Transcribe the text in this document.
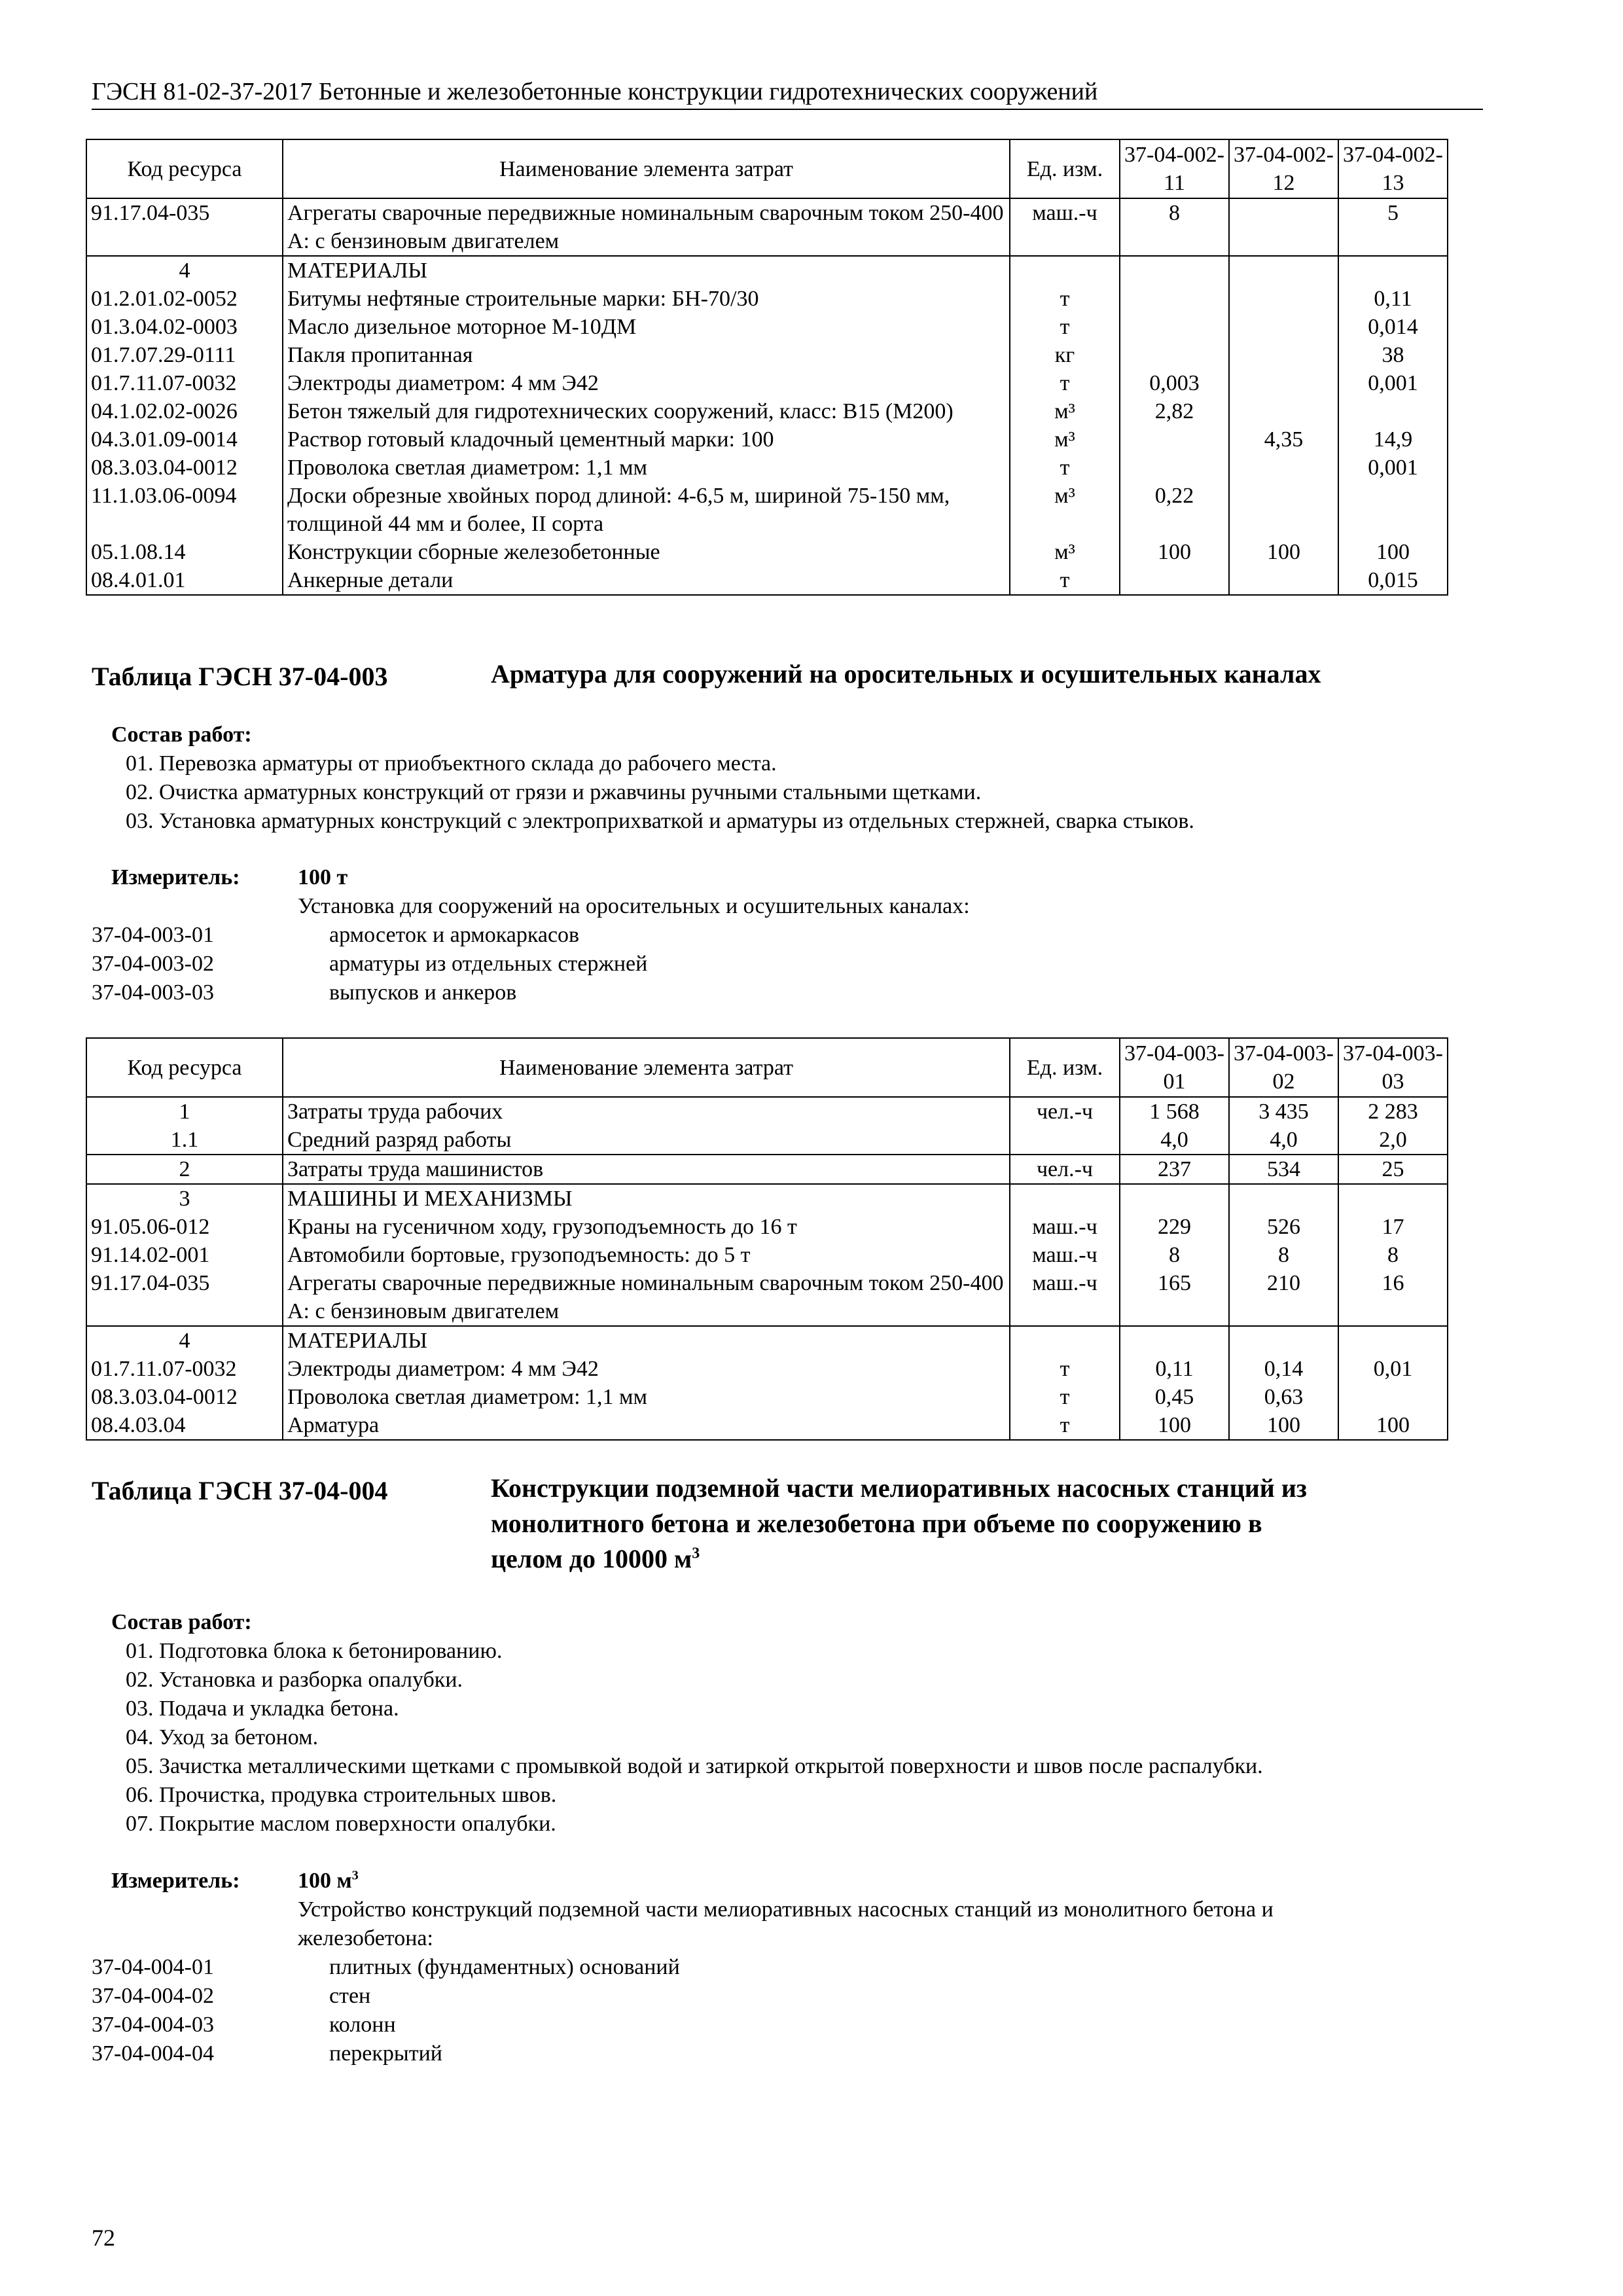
ГЭСН 81-02-37-2017 Бетонные и железобетонные конструкции гидротехнических сооружений
Код ресурса	Наименование элемента затрат	Ед. изм.	37-04-002-11	37-04-002-12	37-04-002-13
91.17.04-035	Агрегаты сварочные передвижные номинальным сварочным током 250-400 А: с бензиновым двигателем	маш.-ч	8		5
4	МАТЕРИАЛЫ				
01.2.01.02-0052	Битумы нефтяные строительные марки: БН-70/30	т			0,11
01.3.04.02-0003	Масло дизельное моторное М-10ДМ	т			0,014
01.7.07.29-0111	Пакля пропитанная	кг			38
01.7.11.07-0032	Электроды диаметром: 4 мм Э42	т	0,003		0,001
04.1.02.02-0026	Бетон тяжелый для гидротехнических сооружений, класс: В15 (М200)	м³	2,82		
04.3.01.09-0014	Раствор готовый кладочный цементный марки: 100	м³		4,35	14,9
08.3.03.04-0012	Проволока светлая диаметром: 1,1 мм	т			0,001
11.1.03.06-0094	Доски обрезные хвойных пород длиной: 4-6,5 м, шириной 75-150 мм, толщиной 44 мм и более, II сорта	м³	0,22		
05.1.08.14	Конструкции сборные железобетонные	м³	100	100	100
08.4.01.01	Анкерные детали	т			0,015
Таблица ГЭСН 37-04-003	Арматура для сооружений на оросительных и осушительных каналах
Состав работ:
01. Перевозка арматуры от приобъектного склада до рабочего места.
02. Очистка арматурных конструкций от грязи и ржавчины ручными стальными щетками.
03. Установка арматурных конструкций с электроприхваткой и арматуры из отдельных стержней, сварка стыков.
Измеритель:	100 т
Установка для сооружений на оросительных и осушительных каналах:
37-04-003-01	армосеток и армокаркасов
37-04-003-02	арматуры из отдельных стержней
37-04-003-03	выпусков и анкеров
Код ресурса	Наименование элемента затрат	Ед. изм.	37-04-003-01	37-04-003-02	37-04-003-03
1	Затраты труда рабочих	чел.-ч	1 568	3 435	2 283
1.1	Средний разряд работы		4,0	4,0	2,0
2	Затраты труда машинистов	чел.-ч	237	534	25
3	МАШИНЫ И МЕХАНИЗМЫ				
91.05.06-012	Краны на гусеничном ходу, грузоподъемность до 16 т	маш.-ч	229	526	17
91.14.02-001	Автомобили бортовые, грузоподъемность: до 5 т	маш.-ч	8	8	8
91.17.04-035	Агрегаты сварочные передвижные номинальным сварочным током 250-400 А: с бензиновым двигателем	маш.-ч	165	210	16
4	МАТЕРИАЛЫ				
01.7.11.07-0032	Электроды диаметром: 4 мм Э42	т	0,11	0,14	0,01
08.3.03.04-0012	Проволока светлая диаметром: 1,1 мм	т	0,45	0,63	
08.4.03.04	Арматура	т	100	100	100
Таблица ГЭСН 37-04-004	Конструкции подземной части мелиоративных насосных станций из
монолитного бетона и железобетона при объеме по сооружению в
целом до 10000 $м^3$
Состав работ:
01. Подготовка блока к бетонированию.
02. Установка и разборка опалубки.
03. Подача и укладка бетона.
04. Уход за бетоном.
05. Зачистка металлическими щетками с промывкой водой и затиркой открытой поверхности и швов после распалубки.
06. Прочистка, продувка строительных швов.
07. Покрытие маслом поверхности опалубки.
Измеритель:	100 $м^3$
Устройство конструкций подземной части мелиоративных насосных станций из монолитного бетона и
железобетона:
37-04-004-01	плитных (фундаментных) оснований
37-04-004-02	стен
37-04-004-03	колонн
37-04-004-04	перекрытий
72
